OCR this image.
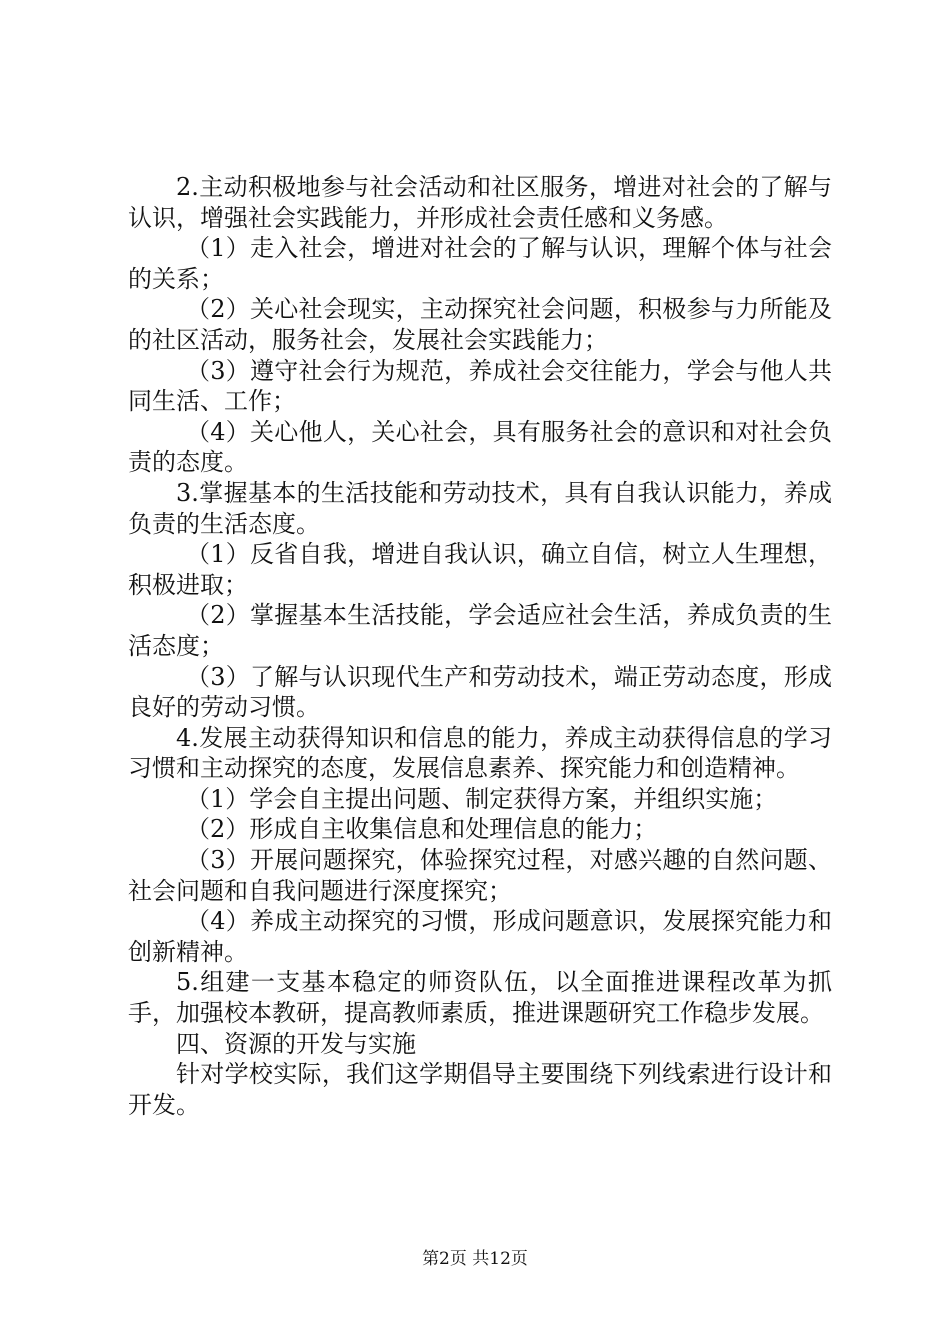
2.主动积极地参与社会活动和社区服务，增进对社会的了解与认识，增强社会实践能力，并形成社会责任感和义务感。

（1）走入社会，增进对社会的了解与认识，理解个体与社会的关系；

（2）关心社会现实，主动探究社会问题，积极参与力所能及的社区活动，服务社会，发展社会实践能力；

（3）遵守社会行为规范，养成社会交往能力，学会与他人共同生活、工作；

（4）关心他人，关心社会，具有服务社会的意识和对社会负责的态度。

3.掌握基本的生活技能和劳动技术，具有自我认识能力，养成负责的生活态度。

（1）反省自我，增进自我认识，确立自信，树立人生理想，积极进取；

（2）掌握基本生活技能，学会适应社会生活，养成负责的生活态度；

（3）了解与认识现代生产和劳动技术，端正劳动态度，形成良好的劳动习惯。

4.发展主动获得知识和信息的能力，养成主动获得信息的学习习惯和主动探究的态度，发展信息素养、探究能力和创造精神。

（1）学会自主提出问题、制定获得方案，并组织实施；

（2）形成自主收集信息和处理信息的能力；

（3）开展问题探究，体验探究过程，对感兴趣的自然问题、社会问题和自我问题进行深度探究；

（4）养成主动探究的习惯，形成问题意识，发展探究能力和创新精神。

5.组建一支基本稳定的师资队伍，以全面推进课程改革为抓手，加强校本教研，提高教师素质，推进课题研究工作稳步发展。

四、资源的开发与实施

针对学校实际，我们这学期倡导主要围绕下列线索进行设计和开发。

第2页 共12页
